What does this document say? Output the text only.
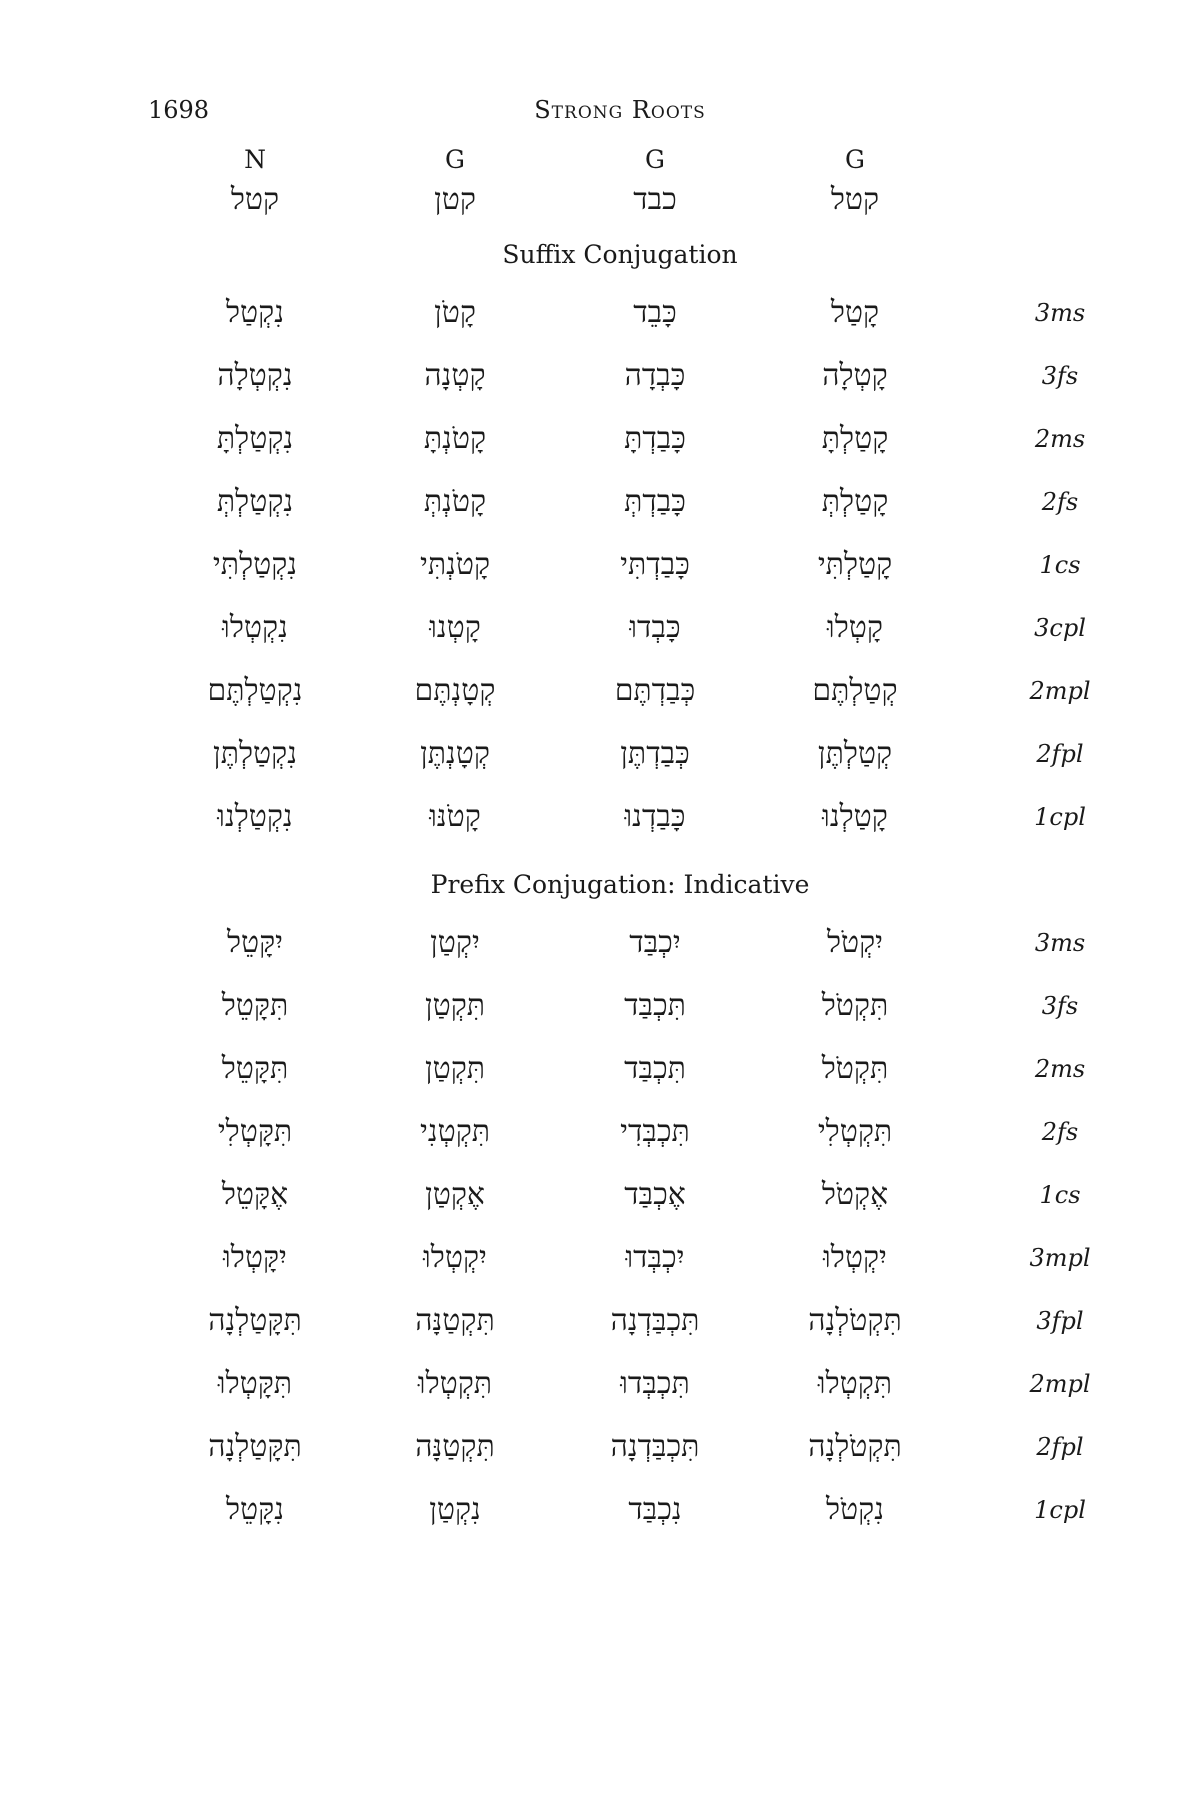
1698	Strong Roots
N	G	G	G
קטל	קטן	כבד	קטל
Suffix Conjugation
נִקְטַל	קָטֹן	כָּבֵד	קָטַל	3ms
נִקְטְלָה	קָטְנָה	כָּבְדָה	קָטְלָה	3fs
נִקְטַלְתָּ	קָטֹנְתָּ	כָּבַדְתָּ	קָטַלְתָּ	2ms
נִקְטַלְתְּ	קָטֹנְתְּ	כָּבַדְתְּ	קָטַלְתְּ	2fs
נִקְטַלְתִּי	קָטֹנְתִּי	כָּבַדְתִּי	קָטַלְתִּי	1cs
נִקְטְלוּ	קָטְנוּ	כָּבְדוּ	קָטְלוּ	3cpl
נִקְטַלְתֶּם	קְטָנְתֶּם	כְּבַדְתֶּם	קְטַלְתֶּם	2mpl
נִקְטַלְתֶּן	קְטָנְתֶּן	כְּבַדְתֶּן	קְטַלְתֶּן	2fpl
נִקְטַלְנוּ	קָטֹנּוּ	כָּבַדְנוּ	קָטַלְנוּ	1cpl
Prefix Conjugation: Indicative
יִקָּטֵל	יִקְטַן	יִכְבַּד	יִקְטֹל	3ms
תִּקָּטֵל	תִּקְטַן	תִּכְבַּד	תִּקְטֹל	3fs
תִּקָּטֵל	תִּקְטַן	תִּכְבַּד	תִּקְטֹל	2ms
תִּקָּטְלִי	תִּקְטְנִי	תִּכְבְּדִי	תִּקְטְלִי	2fs
אֶקָּטֵל	אֶקְטַן	אֶכְבַּד	אֶקְטֹל	1cs
יִקָּטְלוּ	יִקְטְלוּ	יִכְבְּדוּ	יִקְטְלוּ	3mpl
תִּקָּטַלְנָה	תִּקְטַנָּה	תִּכְבַּדְנָה	תִּקְטֹלְנָה	3fpl
תִּקָּטְלוּ	תִּקְטְלוּ	תִּכְבְּדוּ	תִּקְטְלוּ	2mpl
תִּקָּטַלְנָה	תִּקְטַנָּה	תִּכְבַּדְנָה	תִּקְטֹלְנָה	2fpl
נִקָּטֵל	נִקְטַן	נִכְבַּד	נִקְטֹל	1cpl
